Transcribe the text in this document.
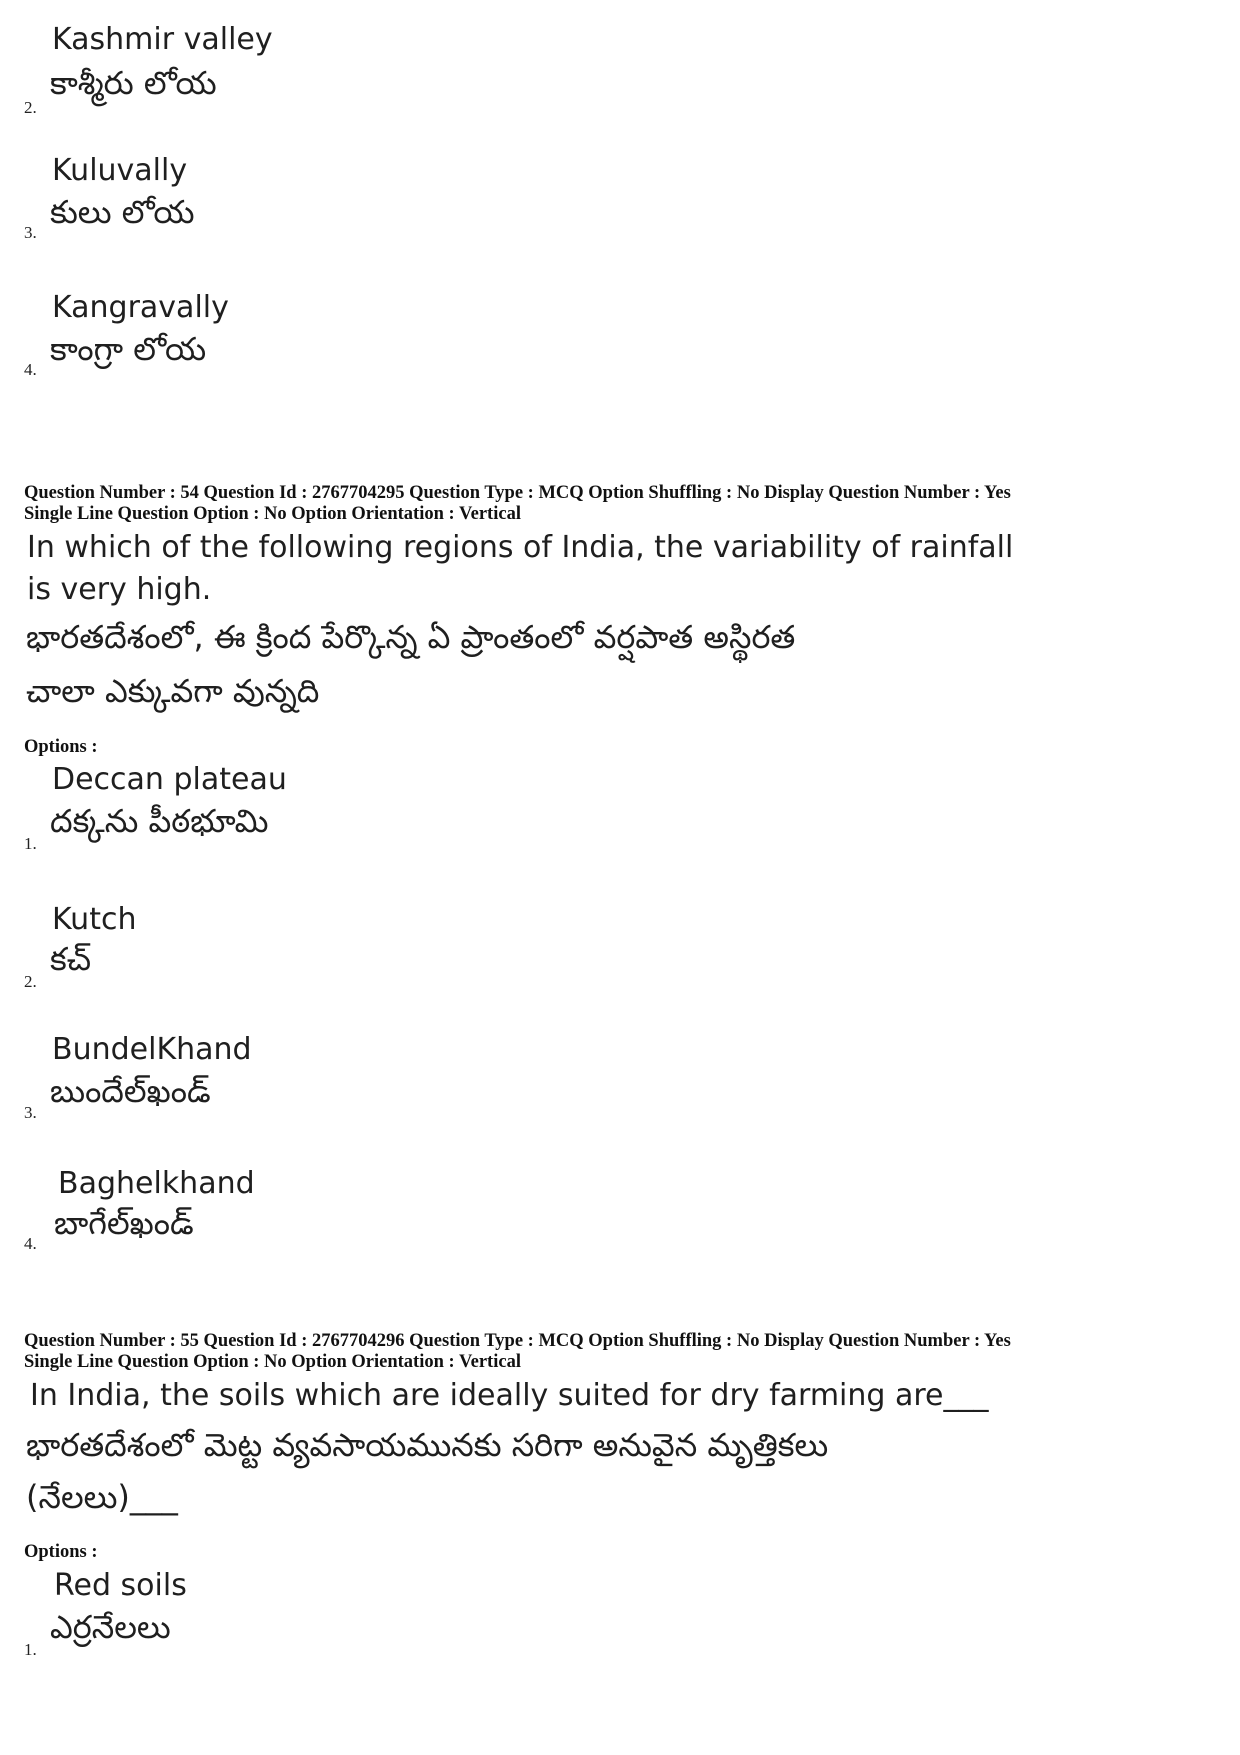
Kashmir valley
కాశ్మీరు లోయ
2.
Kuluvally
కులు లోయ
3.
Kangravally
కాంగ్రా లోయ
4.
Question Number : 54 Question Id : 2767704295 Question Type : MCQ Option Shuffling : No Display Question Number : Yes
Single Line Question Option : No Option Orientation : Vertical
In which of the following regions of India, the variability of rainfall
is very high.
భారతదేశంలో, ఈ క్రింద పేర్కొన్న ఏ ప్రాంతంలో వర్షపాత అస్థిరత
చాలా ఎక్కువగా వున్నది
Options :
Deccan plateau
దక్కను పీఠభూమి
1.
Kutch
కచ్
2.
BundelKhand
బుందేల్‌ఖండ్
3.
Baghelkhand
బాగేల్‌ఖండ్
4.
Question Number : 55 Question Id : 2767704296 Question Type : MCQ Option Shuffling : No Display Question Number : Yes
Single Line Question Option : No Option Orientation : Vertical
In India, the soils which are ideally suited for dry farming are___
భారతదేశంలో మెట్ట వ్యవసాయమునకు సరిగా అనువైన మృత్తికలు
(నేలలు)___
Options :
Red soils
ఎర్రనేలలు
1.
